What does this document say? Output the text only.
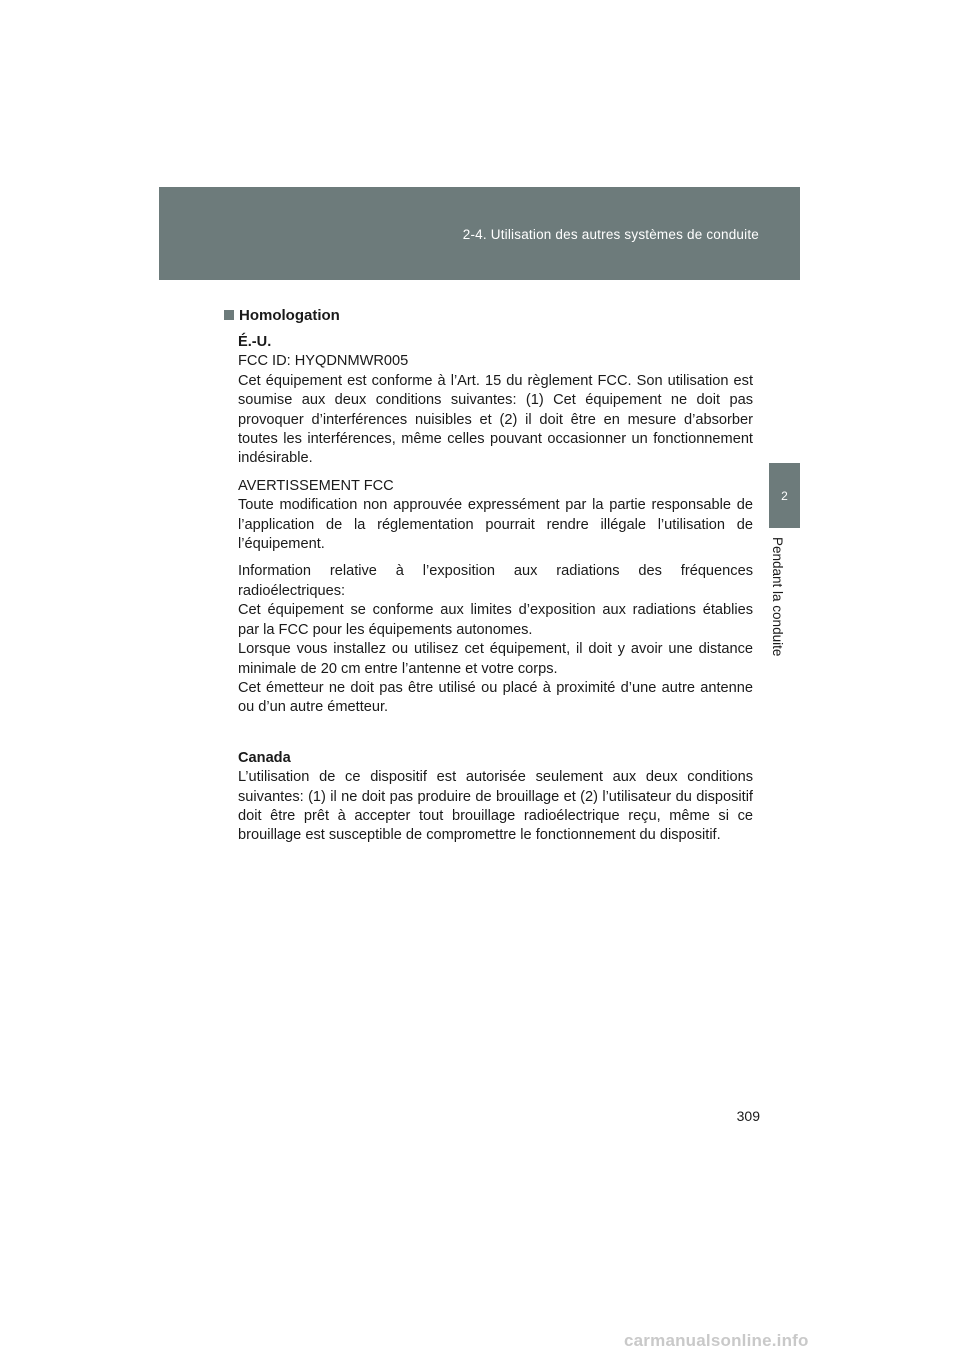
2-4. Utilisation des autres systèmes de conduite
2
Pendant la conduite
Homologation
É.-U.
FCC ID: HYQDNMWR005

Cet équipement est conforme à l’Art. 15 du règlement FCC. Son utilisation est soumise aux deux conditions suivantes: (1) Cet équipement ne doit pas provoquer d’interférences nuisibles et (2) il doit être en mesure d’absorber toutes les interférences, même celles pouvant occasionner un fonctionnement indésirable.

AVERTISSEMENT FCC

Toute modification non approuvée expressément par la partie responsable de l’application de la réglementation pourrait rendre illégale l’utilisation de l’équipement.

Information relative à l’exposition aux radiations des fréquences radioélectriques:

Cet équipement se conforme aux limites d’exposition aux radiations établies par la FCC pour les équipements autonomes.

Lorsque vous installez ou utilisez cet équipement, il doit y avoir une distance minimale de 20 cm entre l’antenne et votre corps.

Cet émetteur ne doit pas être utilisé ou placé à proximité d’une autre antenne ou d’un autre émetteur.

Canada

L’utilisation de ce dispositif est autorisée seulement aux deux conditions suivantes: (1) il ne doit pas produire de brouillage et (2) l’utilisateur du dispositif doit être prêt à accepter tout brouillage radioélectrique reçu, même si ce brouillage est susceptible de compromettre le fonctionnement du dispositif.

309
carmanualsonline.info
